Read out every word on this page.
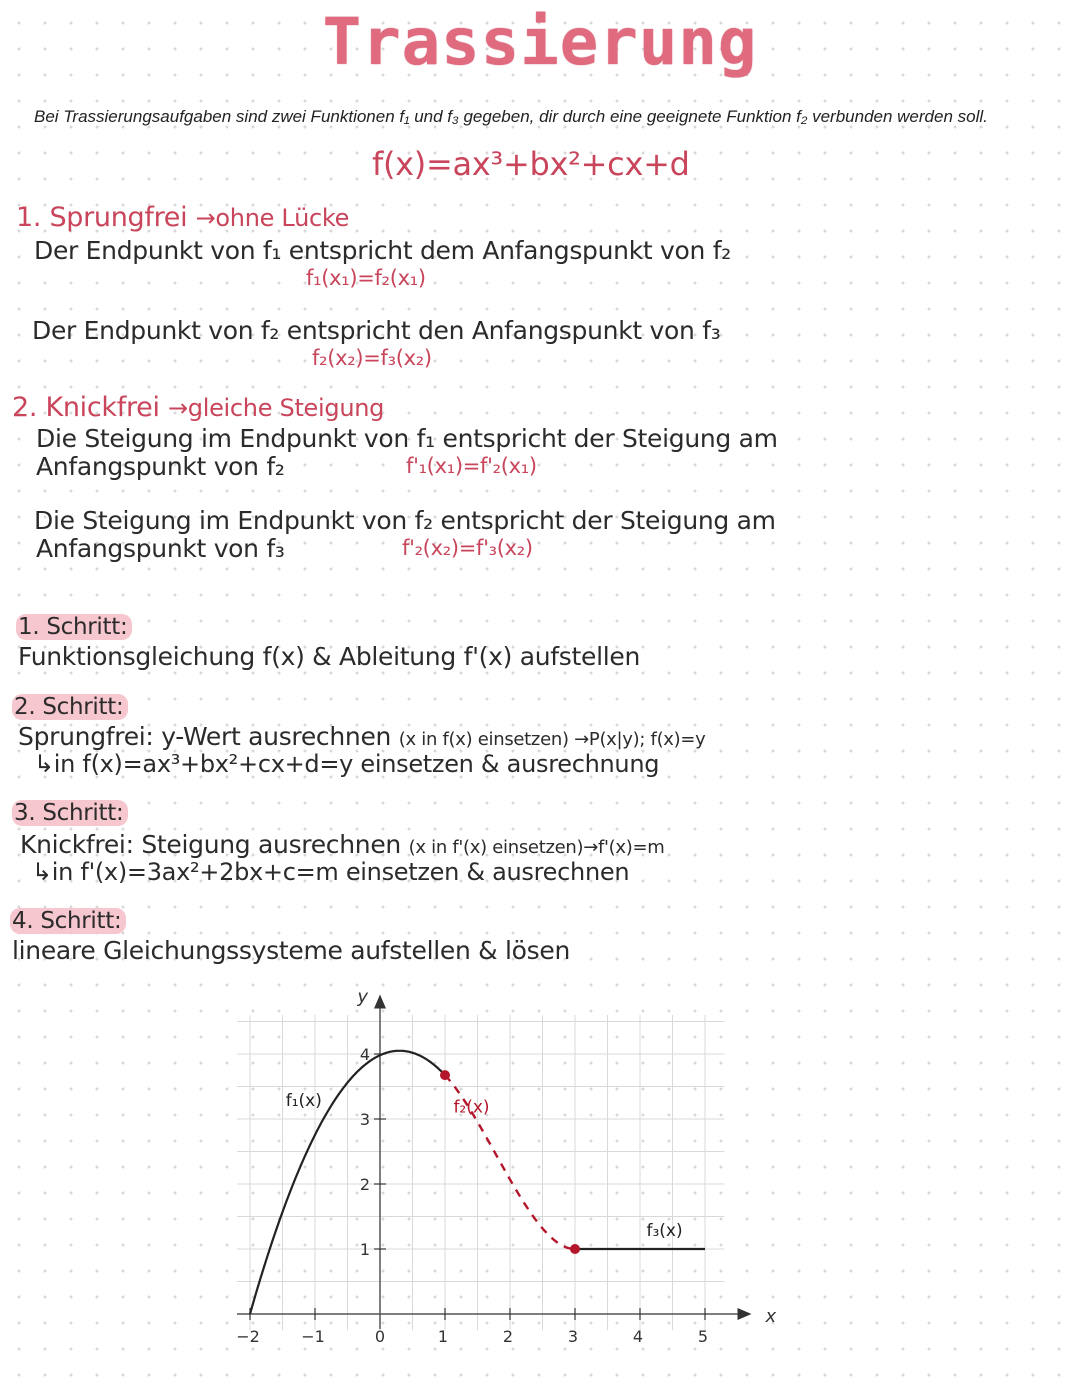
Trassierung
Bei Trassierungsaufgaben sind zwei Funktionen f₁ und f₃ gegeben, dir durch eine geeignete Funktion f₂ verbunden werden soll.
f(x)=ax³+bx²+cx+d
1. Sprungfrei →ohne Lücke
Der Endpunkt von f₁ entspricht dem Anfangspunkt von f₂
f₁(x₁)=f₂(x₁)
Der Endpunkt von f₂ entspricht den Anfangspunkt von f₃
f₂(x₂)=f₃(x₂)
2. Knickfrei →gleiche Steigung
Die Steigung im Endpunkt von f₁ entspricht der Steigung am
Anfangspunkt von f₂	f'₁(x₁)=f'₂(x₁)
Die Steigung im Endpunkt von f₂ entspricht der Steigung am
Anfangspunkt von f₃	f'₂(x₂)=f'₃(x₂)
1. Schritt:
Funktionsgleichung f(x) & Ableitung f'(x) aufstellen
2. Schritt:
Sprungfrei: y-Wert ausrechnen (x in f(x) einsetzen) →P(x|y); f(x)=y
↳in f(x)=ax³+bx²+cx+d=y einsetzen & ausrechnung
3. Schritt:
Knickfrei: Steigung ausrechnen (x in f'(x) einsetzen)→f'(x)=m
↳in f'(x)=3ax²+2bx+c=m einsetzen & ausrechnen
4. Schritt:
lineare Gleichungssysteme aufstellen & lösen
−2	−1	0	1	2	3	4	5
1
2
3
4
x
y
f₁(x)	f₂(x)
f₃(x)
